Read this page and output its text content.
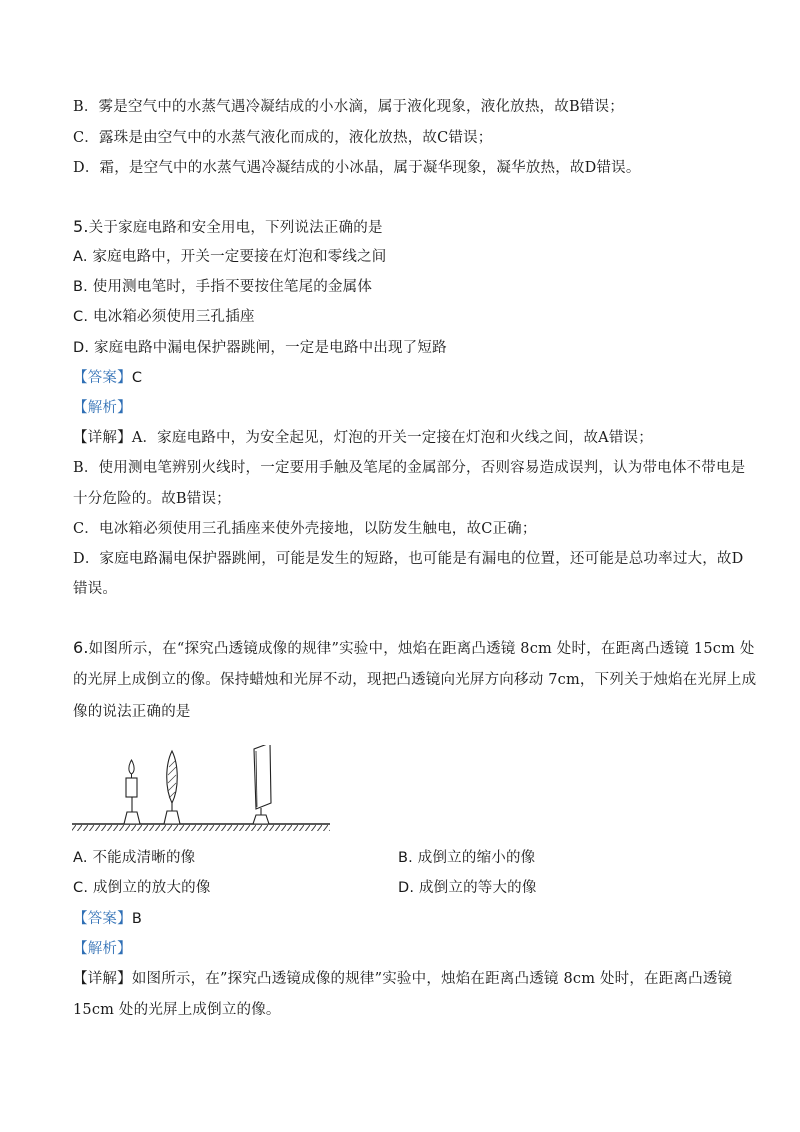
B．雾是空气中的水蒸气遇冷凝结成的小水滴，属于液化现象，液化放热，故B错误；
C．露珠是由空气中的水蒸气液化而成的，液化放热，故C错误；
D．霜，是空气中的水蒸气遇冷凝结成的小冰晶，属于凝华现象，凝华放热，故D错误。
5.关于家庭电路和安全用电，下列说法正确的是
A. 家庭电路中，开关一定要接在灯泡和零线之间
B. 使用测电笔时，手指不要按住笔尾的金属体
C. 电冰箱必须使用三孔插座
D. 家庭电路中漏电保护器跳闸，一定是电路中出现了短路
【答案】C
【解析】
【详解】A．家庭电路中，为安全起见，灯泡的开关一定接在灯泡和火线之间，故A错误；
B．使用测电笔辨别火线时，一定要用手触及笔尾的金属部分，否则容易造成误判，认为带电体不带电是
十分危险的。故B错误；
C．电冰箱必须使用三孔插座来使外壳接地，以防发生触电，故C正确；
D．家庭电路漏电保护器跳闸，可能是发生的短路，也可能是有漏电的位置，还可能是总功率过大，故D
错误。
6.如图所示，在“探究凸透镜成像的规律”实验中，烛焰在距离凸透镜 8cm 处时，在距离凸透镜 15cm 处
的光屏上成倒立的像。保持蜡烛和光屏不动，现把凸透镜向光屏方向移动 7cm，下列关于烛焰在光屏上成
像的说法正确的是
A. 不能成清晰的像	B. 成倒立的缩小的像
C. 成倒立的放大的像	D. 成倒立的等大的像
【答案】B
【解析】
【详解】如图所示，在”探究凸透镜成像的规律”实验中，烛焰在距离凸透镜 8cm 处时，在距离凸透镜
15cm 处的光屏上成倒立的像。
